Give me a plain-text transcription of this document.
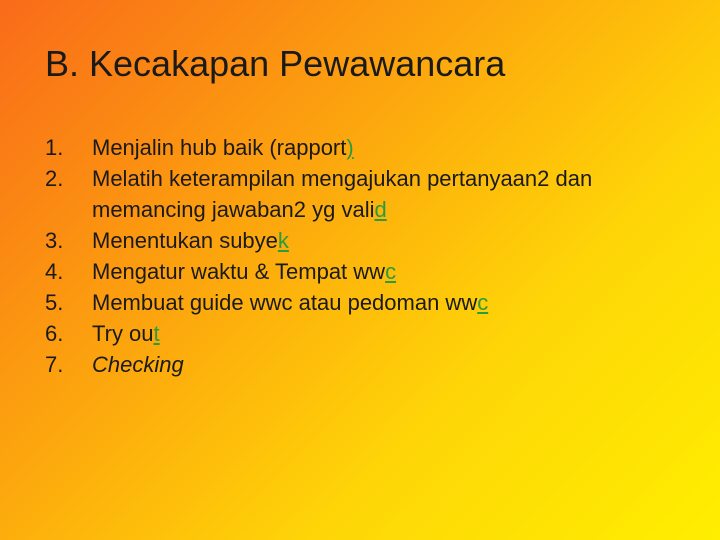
B. Kecakapan Pewawancara
1.	Menjalin hub baik (rapport)
2.	Melatih keterampilan mengajukan pertanyaan2 dan memancing jawaban2 yg valid
3.	Menentukan subyek
4.	Mengatur waktu & Tempat wwc
5.	Membuat guide wwc atau pedoman wwc
6.	Try out
7.	Checking
